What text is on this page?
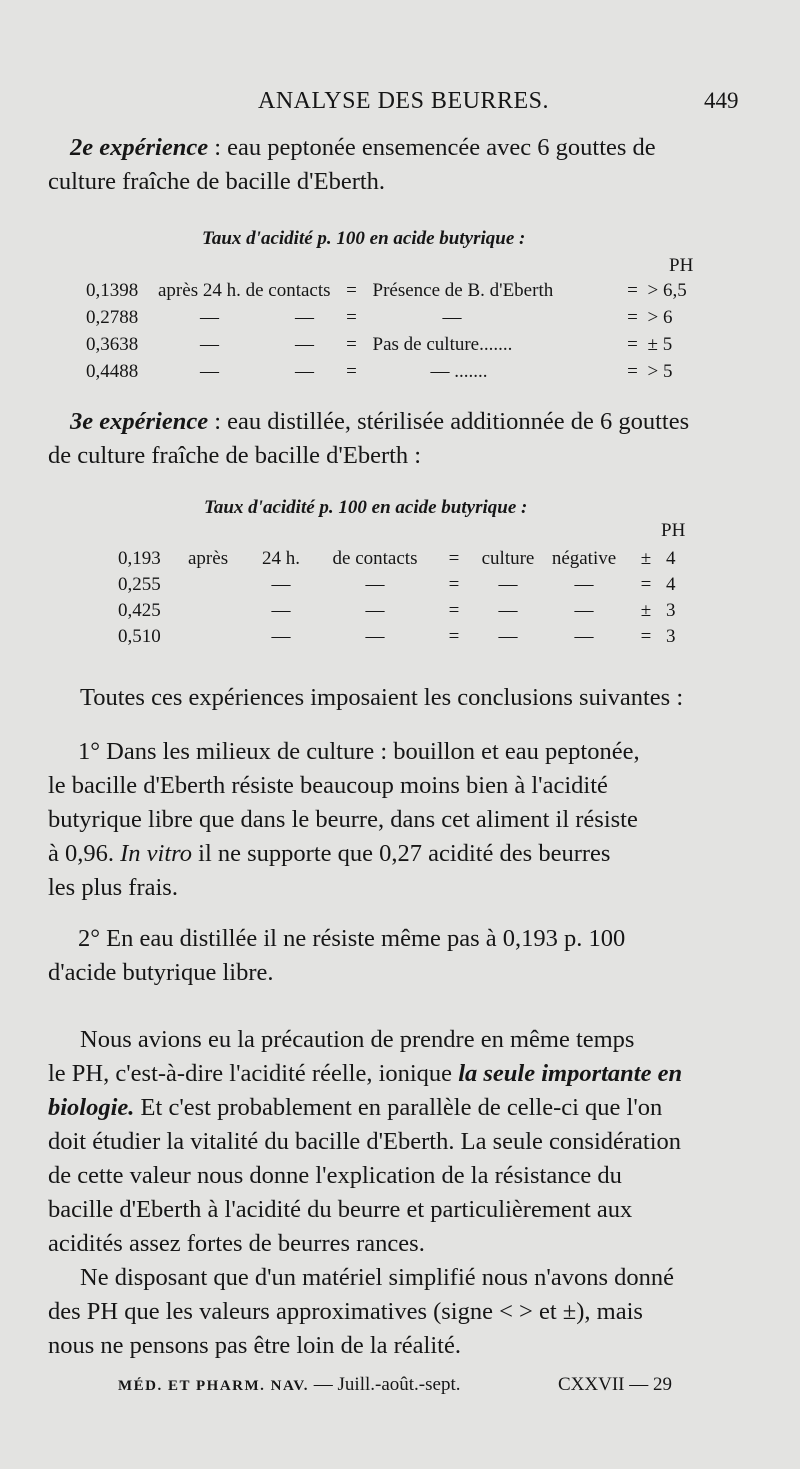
ANALYSE DES BEURRES.	449
2e expérience : eau peptonée ensemencée avec 6 gouttes de
culture fraîche de bacille d'Eberth.
Taux d'acidité p. 100 en acide butyrique :
PH
0,1398	après 24 h. de contacts	=	Présence de B. d'Eberth	=	> 6,5
0,2788	— —	=	—	=	> 6
0,3638	— —	=	Pas de culture.......	=	± 5
0,4488	— —	=	— .......	=	> 5
3e expérience : eau distillée, stérilisée additionnée de 6 gouttes
de culture fraîche de bacille d'Eberth :
Taux d'acidité p. 100 en acide butyrique :
PH
0,193	après	24 h.	de contacts	=	culture	négative	±	4
0,255		—	—	=	—	—	=	4
0,425		—	—	=	—	—	±	3
0,510		—	—	=	—	—	=	3
Toutes ces expériences imposaient les conclusions suivantes :
1° Dans les milieux de culture : bouillon et eau peptonée,
le bacille d'Eberth résiste beaucoup moins bien à l'acidité
butyrique libre que dans le beurre, dans cet aliment il résiste
à 0,96. In vitro il ne supporte que 0,27 acidité des beurres
les plus frais.
2° En eau distillée il ne résiste même pas à 0,193 p. 100
d'acide butyrique libre.
Nous avions eu la précaution de prendre en même temps
le PH, c'est-à-dire l'acidité réelle, ionique la seule importante en
biologie. Et c'est probablement en parallèle de celle-ci que l'on
doit étudier la vitalité du bacille d'Eberth. La seule considération
de cette valeur nous donne l'explication de la résistance du
bacille d'Eberth à l'acidité du beurre et particulièrement aux
acidités assez fortes de beurres rances.
Ne disposant que d'un matériel simplifié nous n'avons donné
des PH que les valeurs approximatives (signe < > et ±), mais
nous ne pensons pas être loin de la réalité.
MÉD. ET PHARM. NAV. — Juill.-août.-sept.	CXXVII — 29
